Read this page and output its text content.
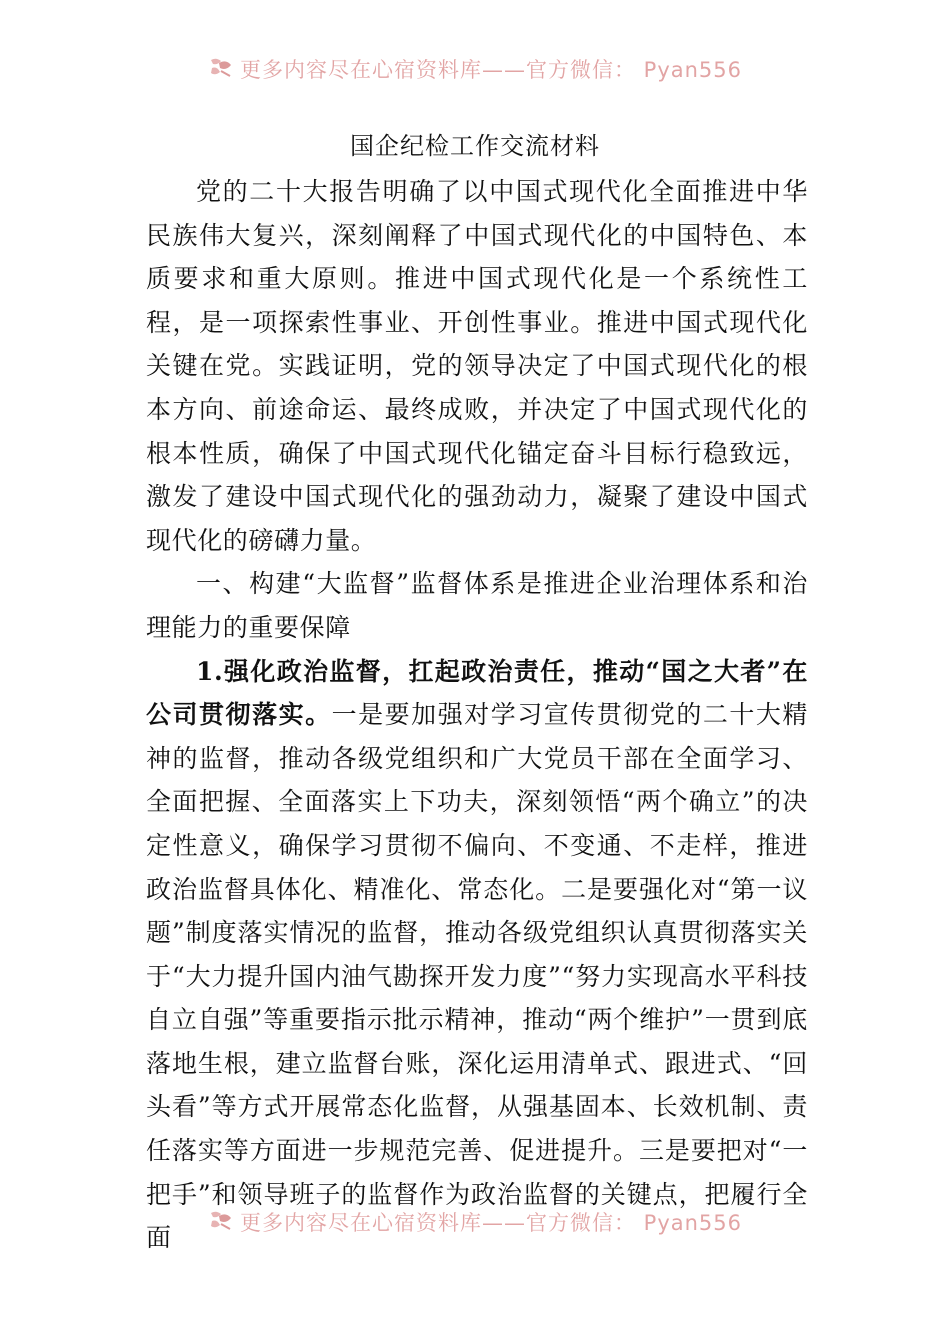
更多内容尽在心宿资料库——官方微信： Pyan556
国企纪检工作交流材料

党的二十大报告明确了以中国式现代化全面推进中华民族伟大复兴，深刻阐释了中国式现代化的中国特色、本质要求和重大原则。推进中国式现代化是一个系统性工程，是一项探索性事业、开创性事业。推进中国式现代化关键在党。实践证明，党的领导决定了中国式现代化的根本方向、前途命运、最终成败，并决定了中国式现代化的根本性质，确保了中国式现代化锚定奋斗目标行稳致远，激发了建设中国式现代化的强劲动力，凝聚了建设中国式现代化的磅礴力量。

一、构建“大监督”监督体系是推进企业治理体系和治理能力的重要保障

1.强化政治监督，扛起政治责任，推动“国之大者”在公司贯彻落实。一是要加强对学习宣传贯彻党的二十大精神的监督，推动各级党组织和广大党员干部在全面学习、全面把握、全面落实上下功夫，深刻领悟“两个确立”的决定性意义，确保学习贯彻不偏向、不变通、不走样，推进政治监督具体化、精准化、常态化。二是要强化对“第一议题”制度落实情况的监督，推动各级党组织认真贯彻落实关于“大力提升国内油气勘探开发力度”“努力实现高水平科技自立自强”等重要指示批示精神，推动“两个维护”一贯到底落地生根，建立监督台账，深化运用清单式、跟进式、“回头看”等方式开展常态化监督，从强基固本、长效机制、责任落实等方面进一步规范完善、促进提升。三是要把对“一把手”和领导班子的监督作为政治监督的关键点，把履行全面

更多内容尽在心宿资料库——官方微信： Pyan556
